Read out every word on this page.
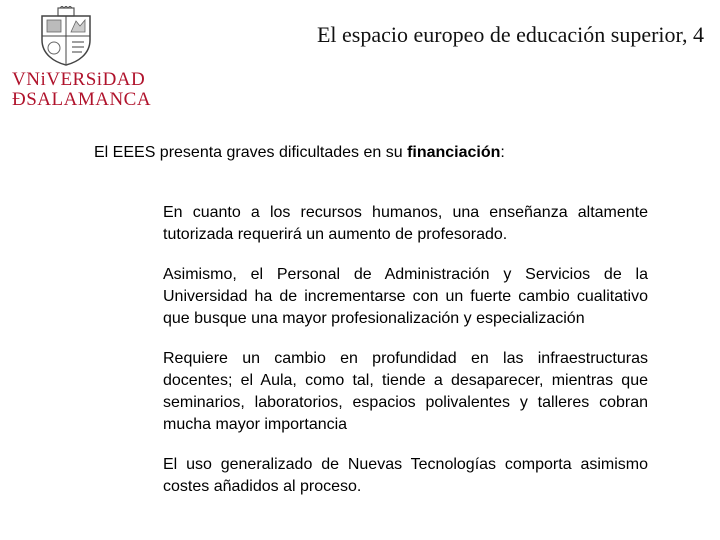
VNiVERSiDAD
ÐSALAMANCA
El espacio europeo de educación superior, 4
El EEES presenta graves dificultades en su financiación:

En cuanto a los recursos humanos, una enseñanza altamente tutorizada requerirá un aumento de profesorado.

Asimismo, el Personal de Administración y Servicios de la Universidad ha de incrementarse con un fuerte cambio cualitativo que busque una mayor profesionalización y especialización

Requiere un cambio en profundidad en las infraestructuras docentes; el Aula, como tal, tiende a desaparecer, mientras que seminarios, laboratorios, espacios polivalentes y talleres cobran mucha mayor importancia

El uso generalizado de Nuevas Tecnologías comporta asimismo costes añadidos al proceso.
